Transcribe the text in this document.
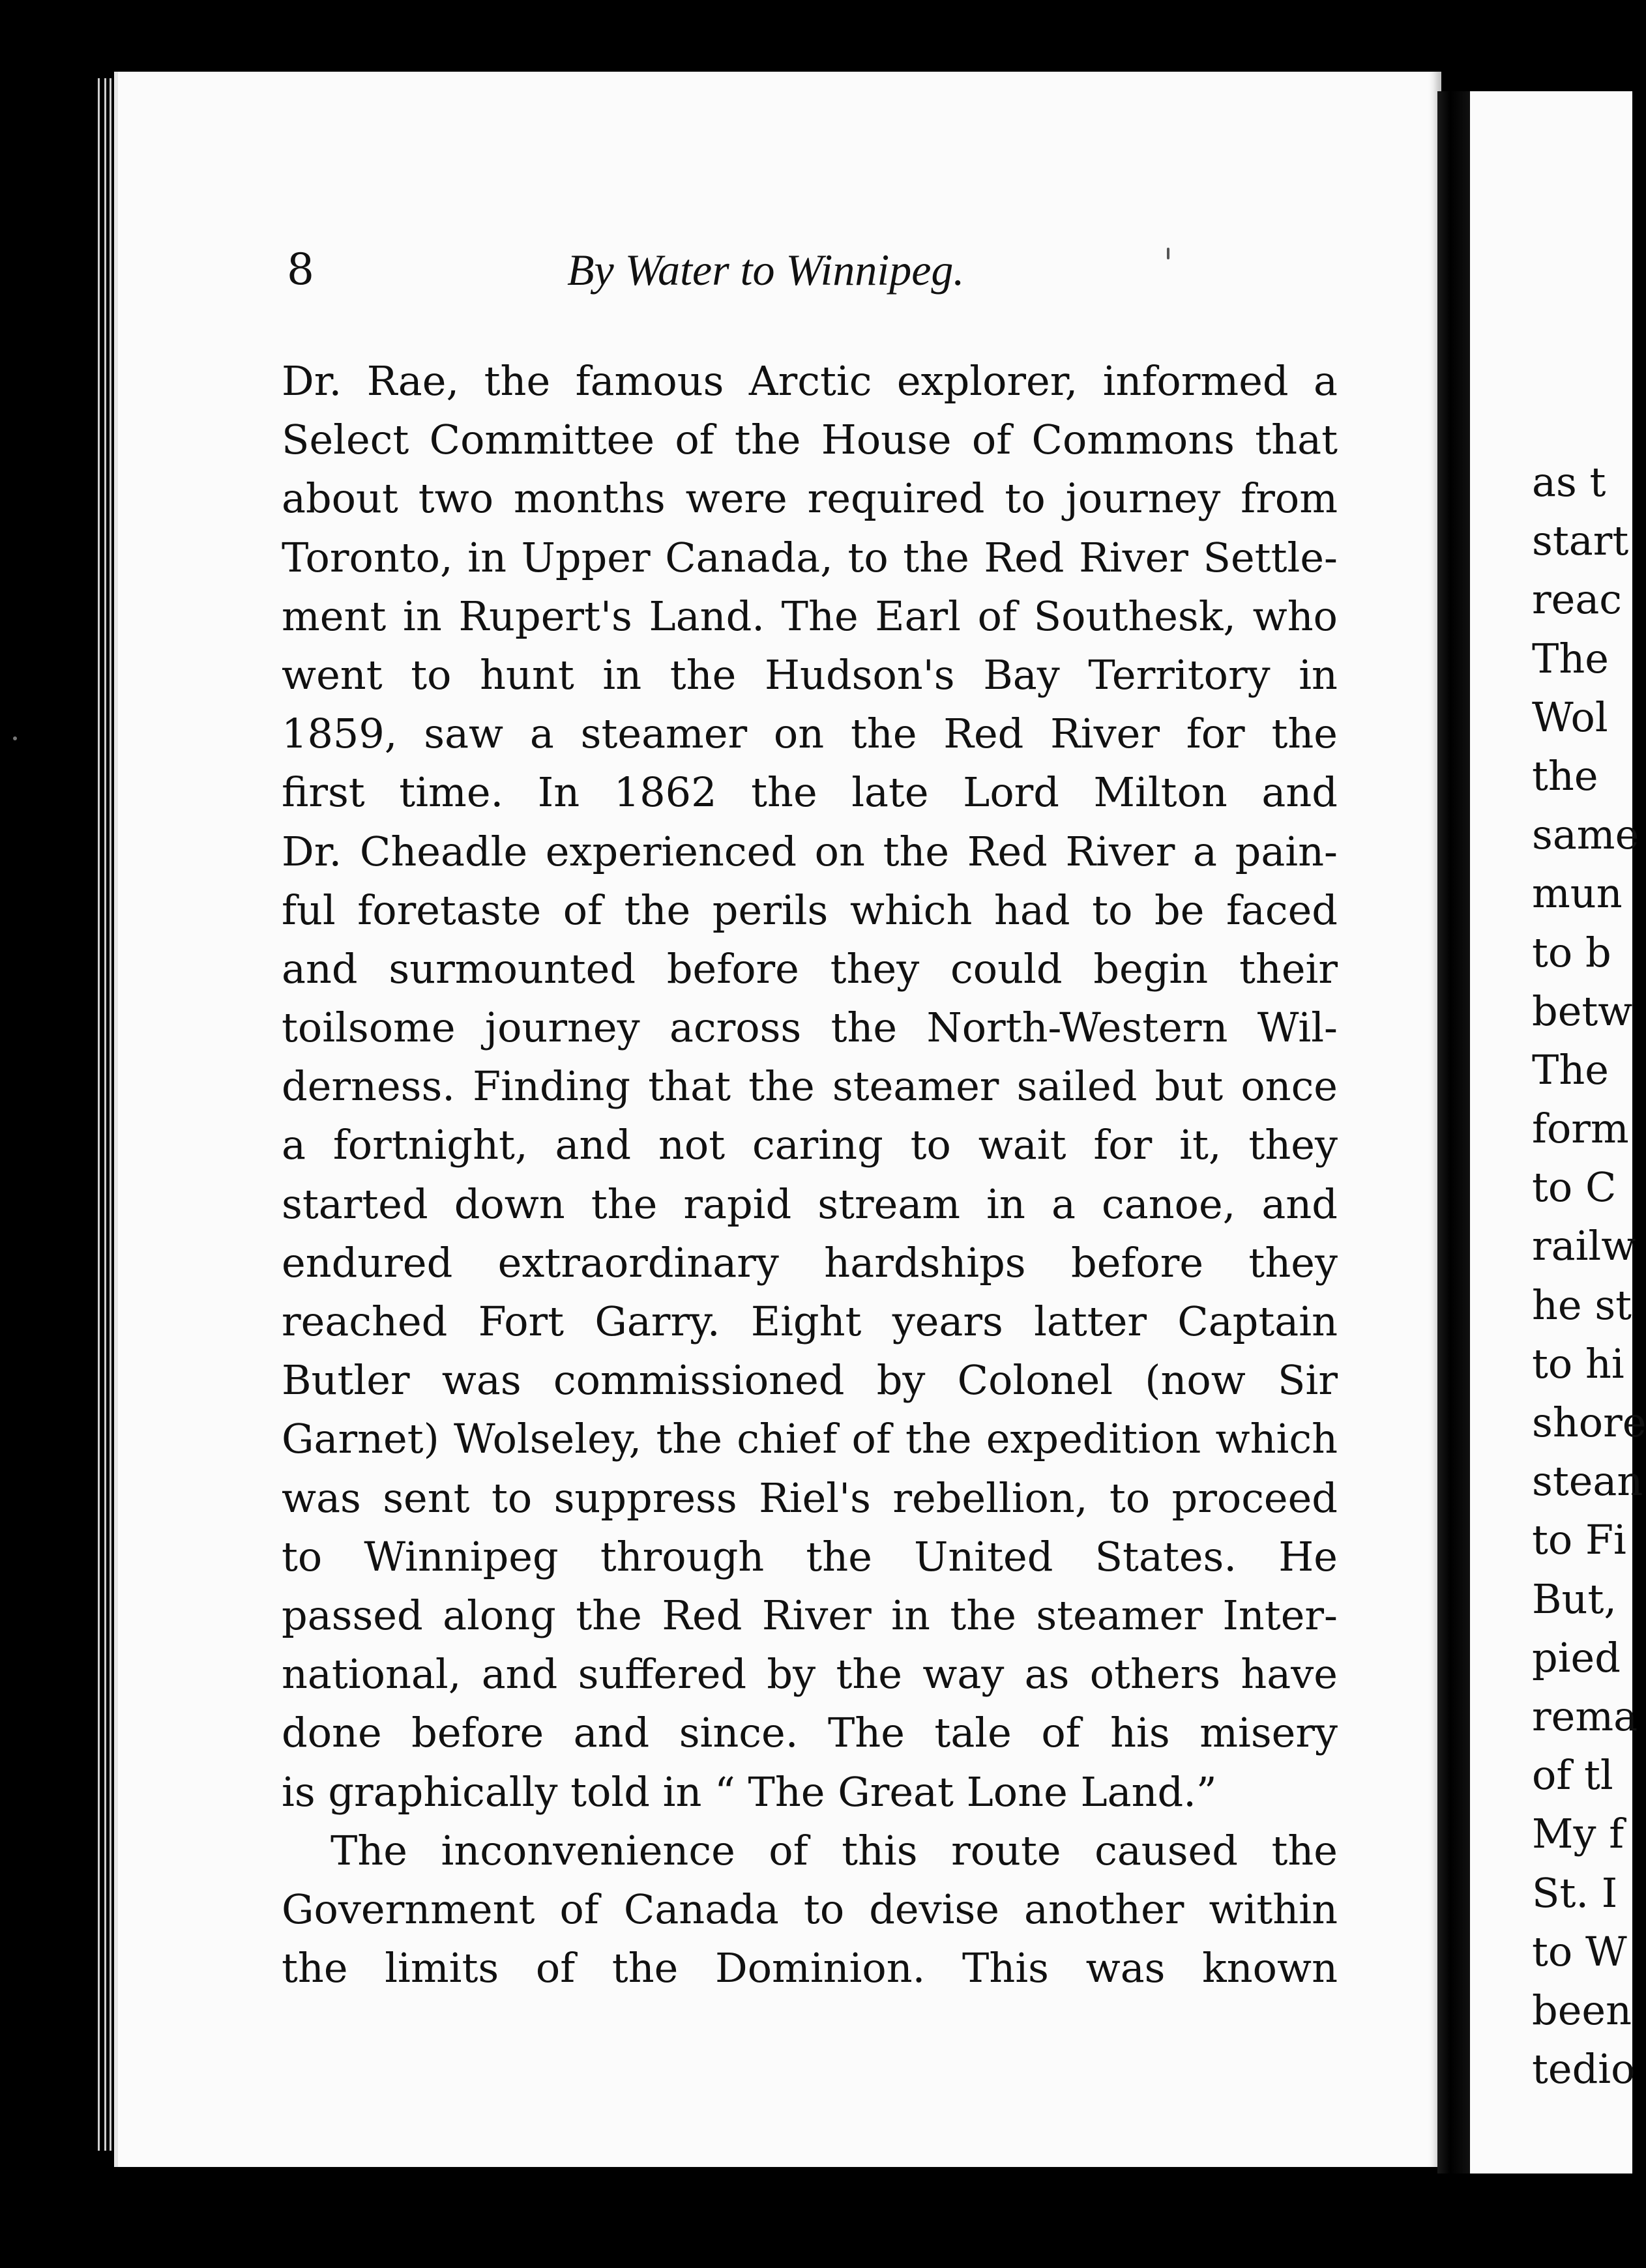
8	By Water to Winnipeg.
Dr. Rae, the famous Arctic explorer, informed a
Select Committee of the House of Commons that
about two months were required to journey from
Toronto, in Upper Canada, to the Red River Settle-
ment in Rupert's Land. The Earl of Southesk, who
went to hunt in the Hudson's Bay Territory in
1859, saw a steamer on the Red River for the
first time. In 1862 the late Lord Milton and
Dr. Cheadle experienced on the Red River a pain-
ful foretaste of the perils which had to be faced
and surmounted before they could begin their
toilsome journey across the North-Western Wil-
derness. Finding that the steamer sailed but once
a fortnight, and not caring to wait for it, they
started down the rapid stream in a canoe, and
endured extraordinary hardships before they
reached Fort Garry. Eight years latter Captain
Butler was commissioned by Colonel (now Sir
Garnet) Wolseley, the chief of the expedition which
was sent to suppress Riel's rebellion, to proceed
to Winnipeg through the United States. He
passed along the Red River in the steamer Inter-
national, and suffered by the way as others have
done before and since. The tale of his misery
is graphically told in “ The Great Lone Land.”
The inconvenience of this route caused the
Government of Canada to devise another within
the limits of the Dominion. This was known
as t
start
reac
The
Wol
the
same
mun
to b
betw
The
form
to C
railw
he st
to hi
shore
stean
to Fi
But,
pied
rema
of tl
My f
St. I
to W
been
tedio
